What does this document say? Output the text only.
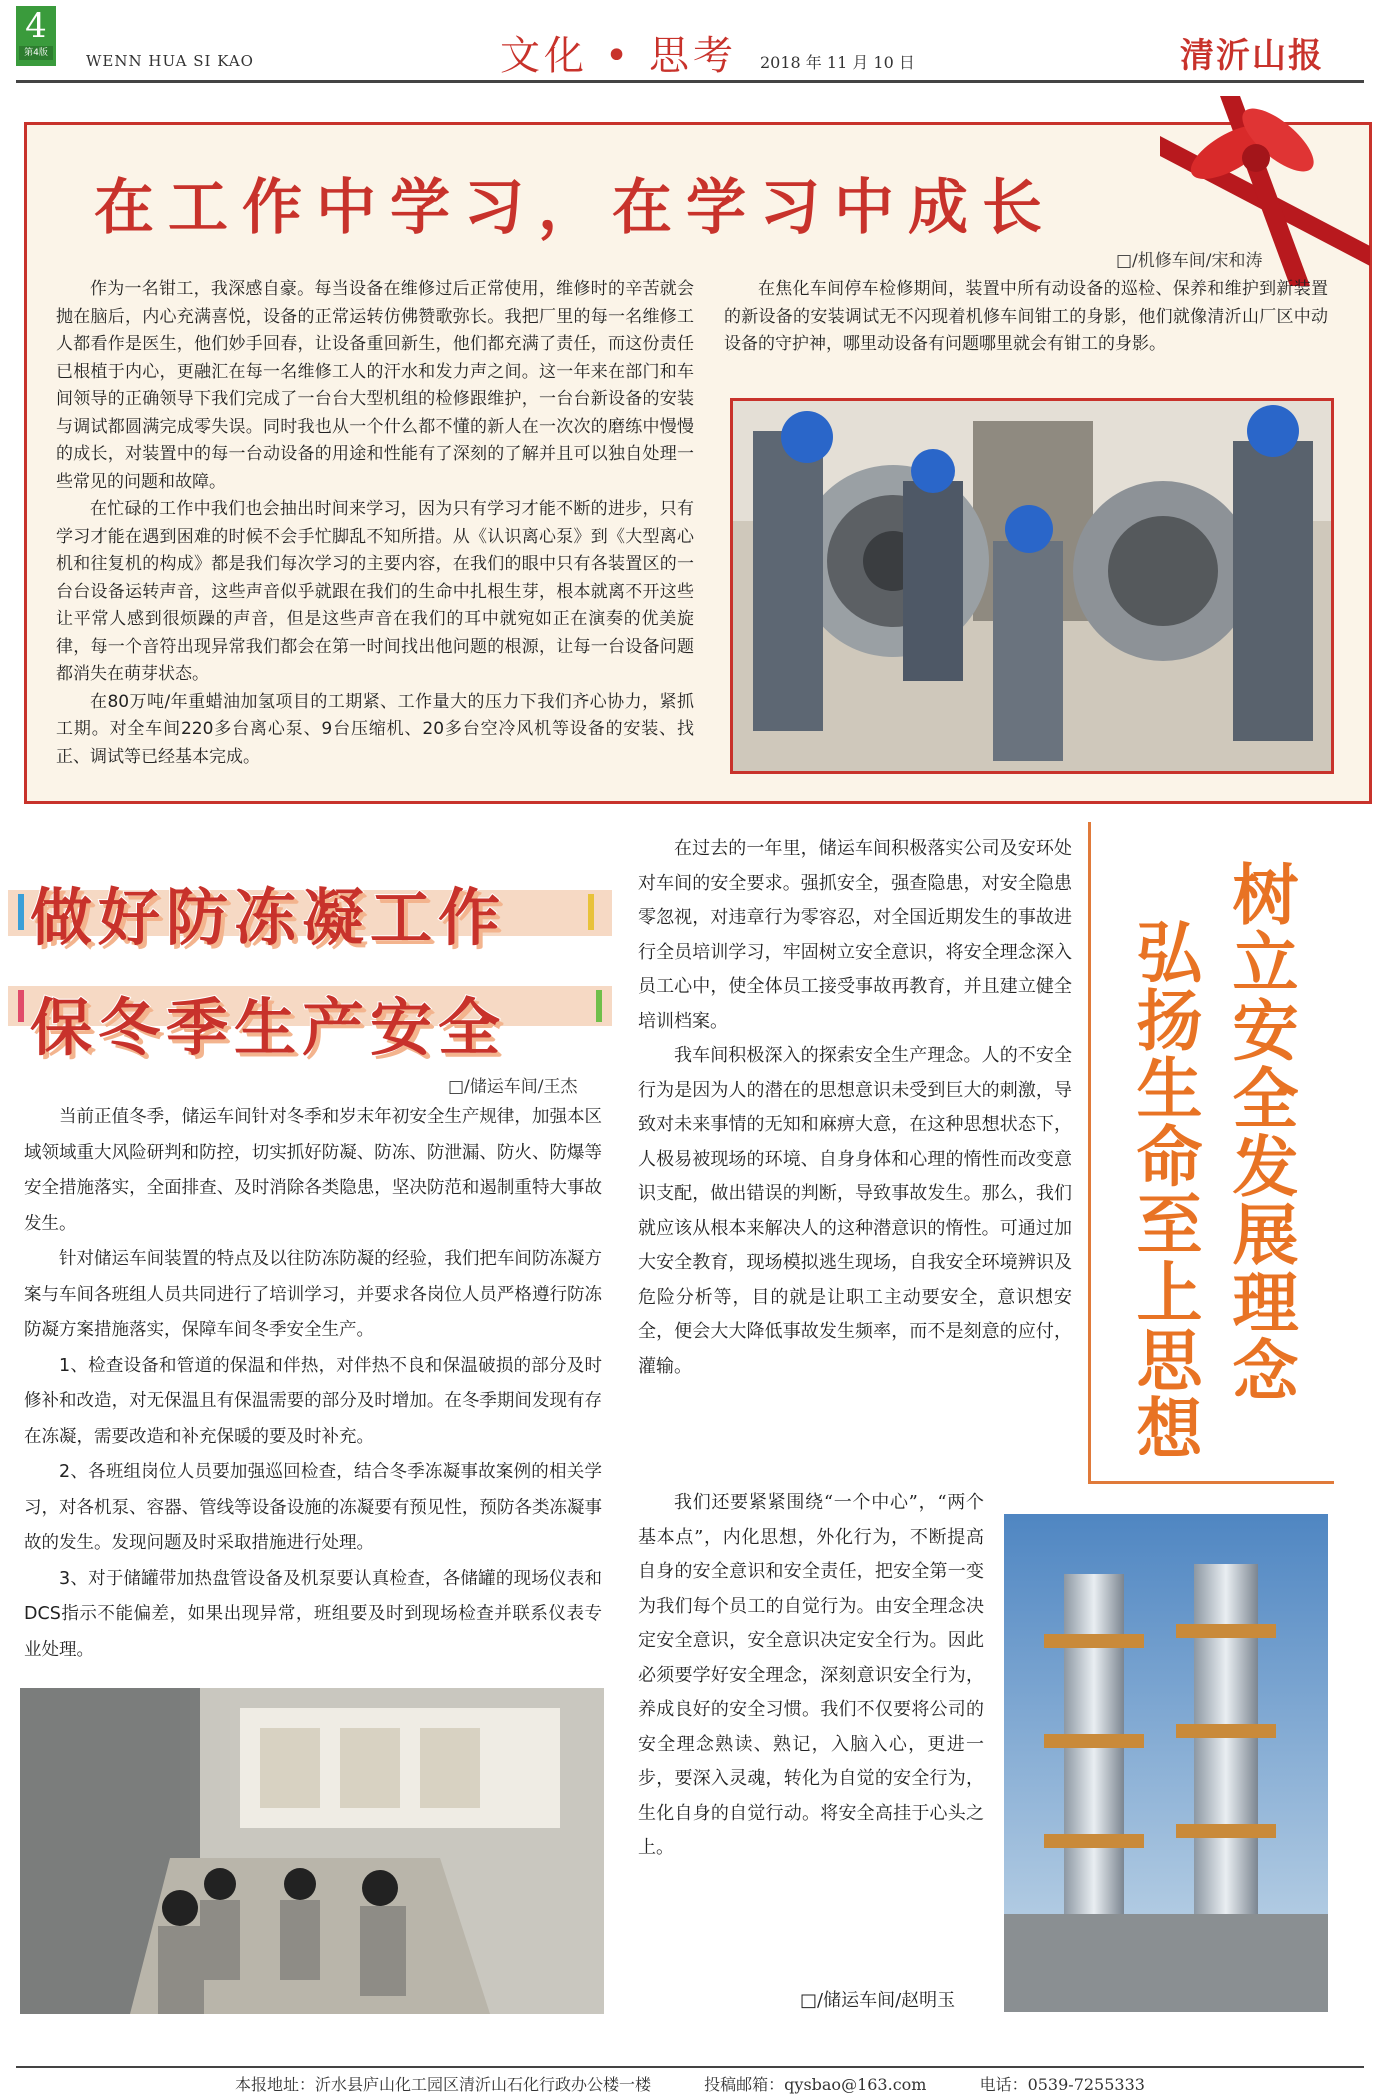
4
第4版	WENN HUA SI KAO	文化 • 思考 2018 年 11 月 10 日	清沂山报
在工作中学习，在学习中成长
□/机修车间/宋和涛

作为一名钳工，我深感自豪。每当设备在维修过后正常使用，维修时的辛苦就会抛在脑后，内心充满喜悦，设备的正常运转仿佛赞歌弥长。我把厂里的每一名维修工人都看作是医生，他们妙手回春，让设备重回新生，他们都充满了责任，而这份责任已根植于内心，更融汇在每一名维修工人的汗水和发力声之间。这一年来在部门和车间领导的正确领导下我们完成了一台台大型机组的检修跟维护，一台台新设备的安装与调试都圆满完成零失误。同时我也从一个什么都不懂的新人在一次次的磨练中慢慢的成长，对装置中的每一台动设备的用途和性能有了深刻的了解并且可以独自处理一些常见的问题和故障。

在忙碌的工作中我们也会抽出时间来学习，因为只有学习才能不断的进步，只有学习才能在遇到困难的时候不会手忙脚乱不知所措。从《认识离心泵》到《大型离心机和往复机的构成》都是我们每次学习的主要内容，在我们的眼中只有各装置区的一台台设备运转声音，这些声音似乎就跟在我们的生命中扎根生芽，根本就离不开这些让平常人感到很烦躁的声音，但是这些声音在我们的耳中就宛如正在演奏的优美旋律，每一个音符出现异常我们都会在第一时间找出他问题的根源，让每一台设备问题都消失在萌芽状态。

在80万吨/年重蜡油加氢项目的工期紧、工作量大的压力下我们齐心协力，紧抓工期。对全车间220多台离心泵、9台压缩机、20多台空冷风机等设备的安装、找正、调试等已经基本完成。

在焦化车间停车检修期间，装置中所有动设备的巡检、保养和维护到新装置的新设备的安装调试无不闪现着机修车间钳工的身影，他们就像清沂山厂区中动设备的守护神，哪里动设备有问题哪里就会有钳工的身影。

做好防冻凝工作
保冬季生产安全
□/储运车间/王杰

当前正值冬季，储运车间针对冬季和岁末年初安全生产规律，加强本区域领域重大风险研判和防控，切实抓好防凝、防冻、防泄漏、防火、防爆等安全措施落实，全面排查、及时消除各类隐患，坚决防范和遏制重特大事故发生。

针对储运车间装置的特点及以往防冻防凝的经验，我们把车间防冻凝方案与车间各班组人员共同进行了培训学习，并要求各岗位人员严格遵行防冻防凝方案措施落实，保障车间冬季安全生产。

1、检查设备和管道的保温和伴热，对伴热不良和保温破损的部分及时修补和改造，对无保温且有保温需要的部分及时增加。在冬季期间发现有存在冻凝，需要改造和补充保暖的要及时补充。

2、各班组岗位人员要加强巡回检查，结合冬季冻凝事故案例的相关学习，对各机泵、容器、管线等设备设施的冻凝要有预见性，预防各类冻凝事故的发生。发现问题及时采取措施进行处理。

3、对于储罐带加热盘管设备及机泵要认真检查，各储罐的现场仪表和DCS指示不能偏差，如果出现异常，班组要及时到现场检查并联系仪表专业处理。

在过去的一年里，储运车间积极落实公司及安环处对车间的安全要求。强抓安全，强查隐患，对安全隐患零忽视，对违章行为零容忍，对全国近期发生的事故进行全员培训学习，牢固树立安全意识，将安全理念深入员工心中，使全体员工接受事故再教育，并且建立健全培训档案。

我车间积极深入的探索安全生产理念。人的不安全行为是因为人的潜在的思想意识未受到巨大的刺激，导致对未来事情的无知和麻痹大意，在这种思想状态下，人极易被现场的环境、自身身体和心理的惰性而改变意识支配，做出错误的判断，导致事故发生。那么，我们就应该从根本来解决人的这种潜意识的惰性。可通过加大安全教育，现场模拟逃生现场，自我安全环境辨识及危险分析等，目的就是让职工主动要安全，意识想安全，便会大大降低事故发生频率，而不是刻意的应付，灌输。

我们还要紧紧围绕“一个中心”，“两个基本点”，内化思想，外化行为，不断提高自身的安全意识和安全责任，把安全第一变为我们每个员工的自觉行为。由安全理念决定安全意识，安全意识决定安全行为。因此必须要学好安全理念，深刻意识安全行为，养成良好的安全习惯。我们不仅要将公司的安全理念熟读、熟记，入脑入心，更进一步，要深入灵魂，转化为自觉的安全行为，生化自身的自觉行动。将安全高挂于心头之上。

□/储运车间/赵明玉
树立安全发展理念
弘扬生命至上思想
本报地址：沂水县庐山化工园区清沂山石化行政办公楼一楼	投稿邮箱：qysbao@163.com	电话：0539-7255333
